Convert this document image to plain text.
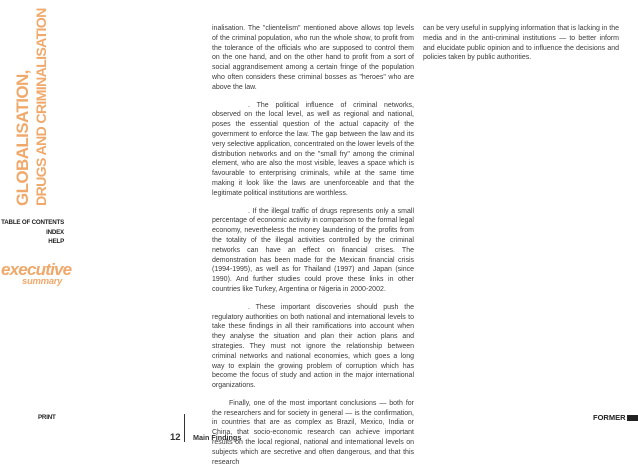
GLOBALISATION, DRUGS AND CRIMINALISATION
TABLE OF CONTENTS
INDEX
HELP
executive
summary
PRINT

inalisation. The "clientelism" mentioned above allows top levels of the criminal population, who run the whole show, to profit from the tolerance of the officials who are supposed to control them on the one hand, and on the other hand to profit from a sort of social aggrandisement among a certain fringe of the population who often considers these criminal bosses as "heroes" who are above the law.

. The political influence of criminal networks, observed on the local level, as well as regional and national, poses the essential question of the actual capacity of the government to enforce the law. The gap between the law and its very selective application, concentrated on the lower levels of the distribution networks and on the "small fry" among the criminal element, who are also the most visible, leaves a space which is favourable to enterprising criminals, while at the same time making it look like the laws are unenforceable and that the legitimate political institutions are worthless.

. If the illegal traffic of drugs represents only a small percentage of economic activity in comparison to the formal legal economy, nevertheless the money laundering of the profits from the totality of the illegal activities controlled by the criminal networks can have an effect on financial crises. The demonstration has been made for the Mexican financial crisis (1994-1995), as well as for Thailand (1997) and Japan (since 1990). And further studies could prove these links in other countries like Turkey, Argentina or Nigeria in 2000-2002.

. These important discoveries should push the regulatory authorities on both national and international levels to take these findings in all their ramifications into account when they analyse the situation and plan their action plans and strategies. They must not ignore the relationship between criminal networks and national economies, which goes a long way to explain the growing problem of corruption which has become the focus of study and action in the major international organizations.

Finally, one of the most important conclusions — both for the researchers and for society in general — is the confirmation, in countries that are as complex as Brazil, Mexico, India or China, that socio-economic research can achieve important results on the local regional, national and international levels on subjects which are secretive and often dangerous, and that this research

can be very useful in supplying information that is lacking in the media and in the anti-criminal institutions — to better inform and elucidate public opinion and to influence the decisions and policies taken by public authorities.

12 Main Findings
FORMER
